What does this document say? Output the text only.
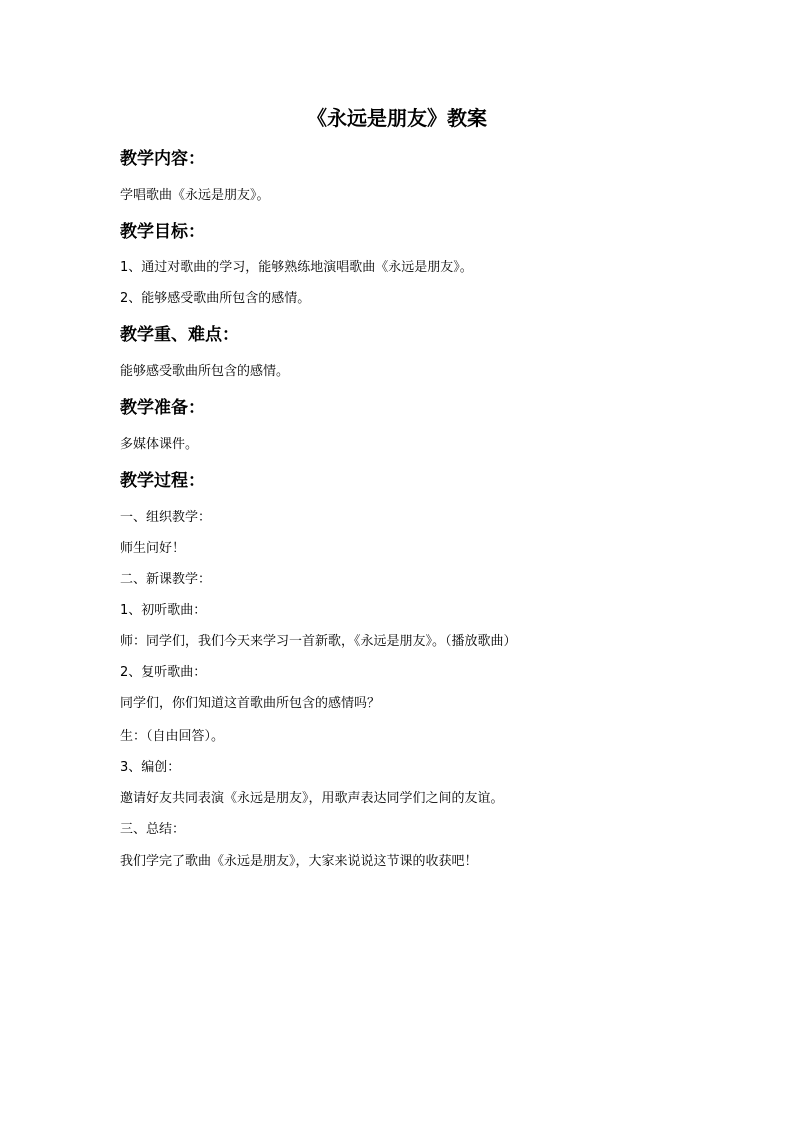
《永远是朋友》教案
教学内容：
学唱歌曲《永远是朋友》。
教学目标：
1、通过对歌曲的学习，能够熟练地演唱歌曲《永远是朋友》。
2、能够感受歌曲所包含的感情。
教学重、难点：
能够感受歌曲所包含的感情。
教学准备：
多媒体课件。
教学过程：
一、组织教学：
师生问好！
二、新课教学：
1、初听歌曲：
师：同学们，我们今天来学习一首新歌，《永远是朋友》。（播放歌曲）
2、复听歌曲：
同学们，你们知道这首歌曲所包含的感情吗？
生：（自由回答）。
3、编创：
邀请好友共同表演《永远是朋友》，用歌声表达同学们之间的友谊。
三、总结：
我们学完了歌曲《永远是朋友》，大家来说说这节课的收获吧！
